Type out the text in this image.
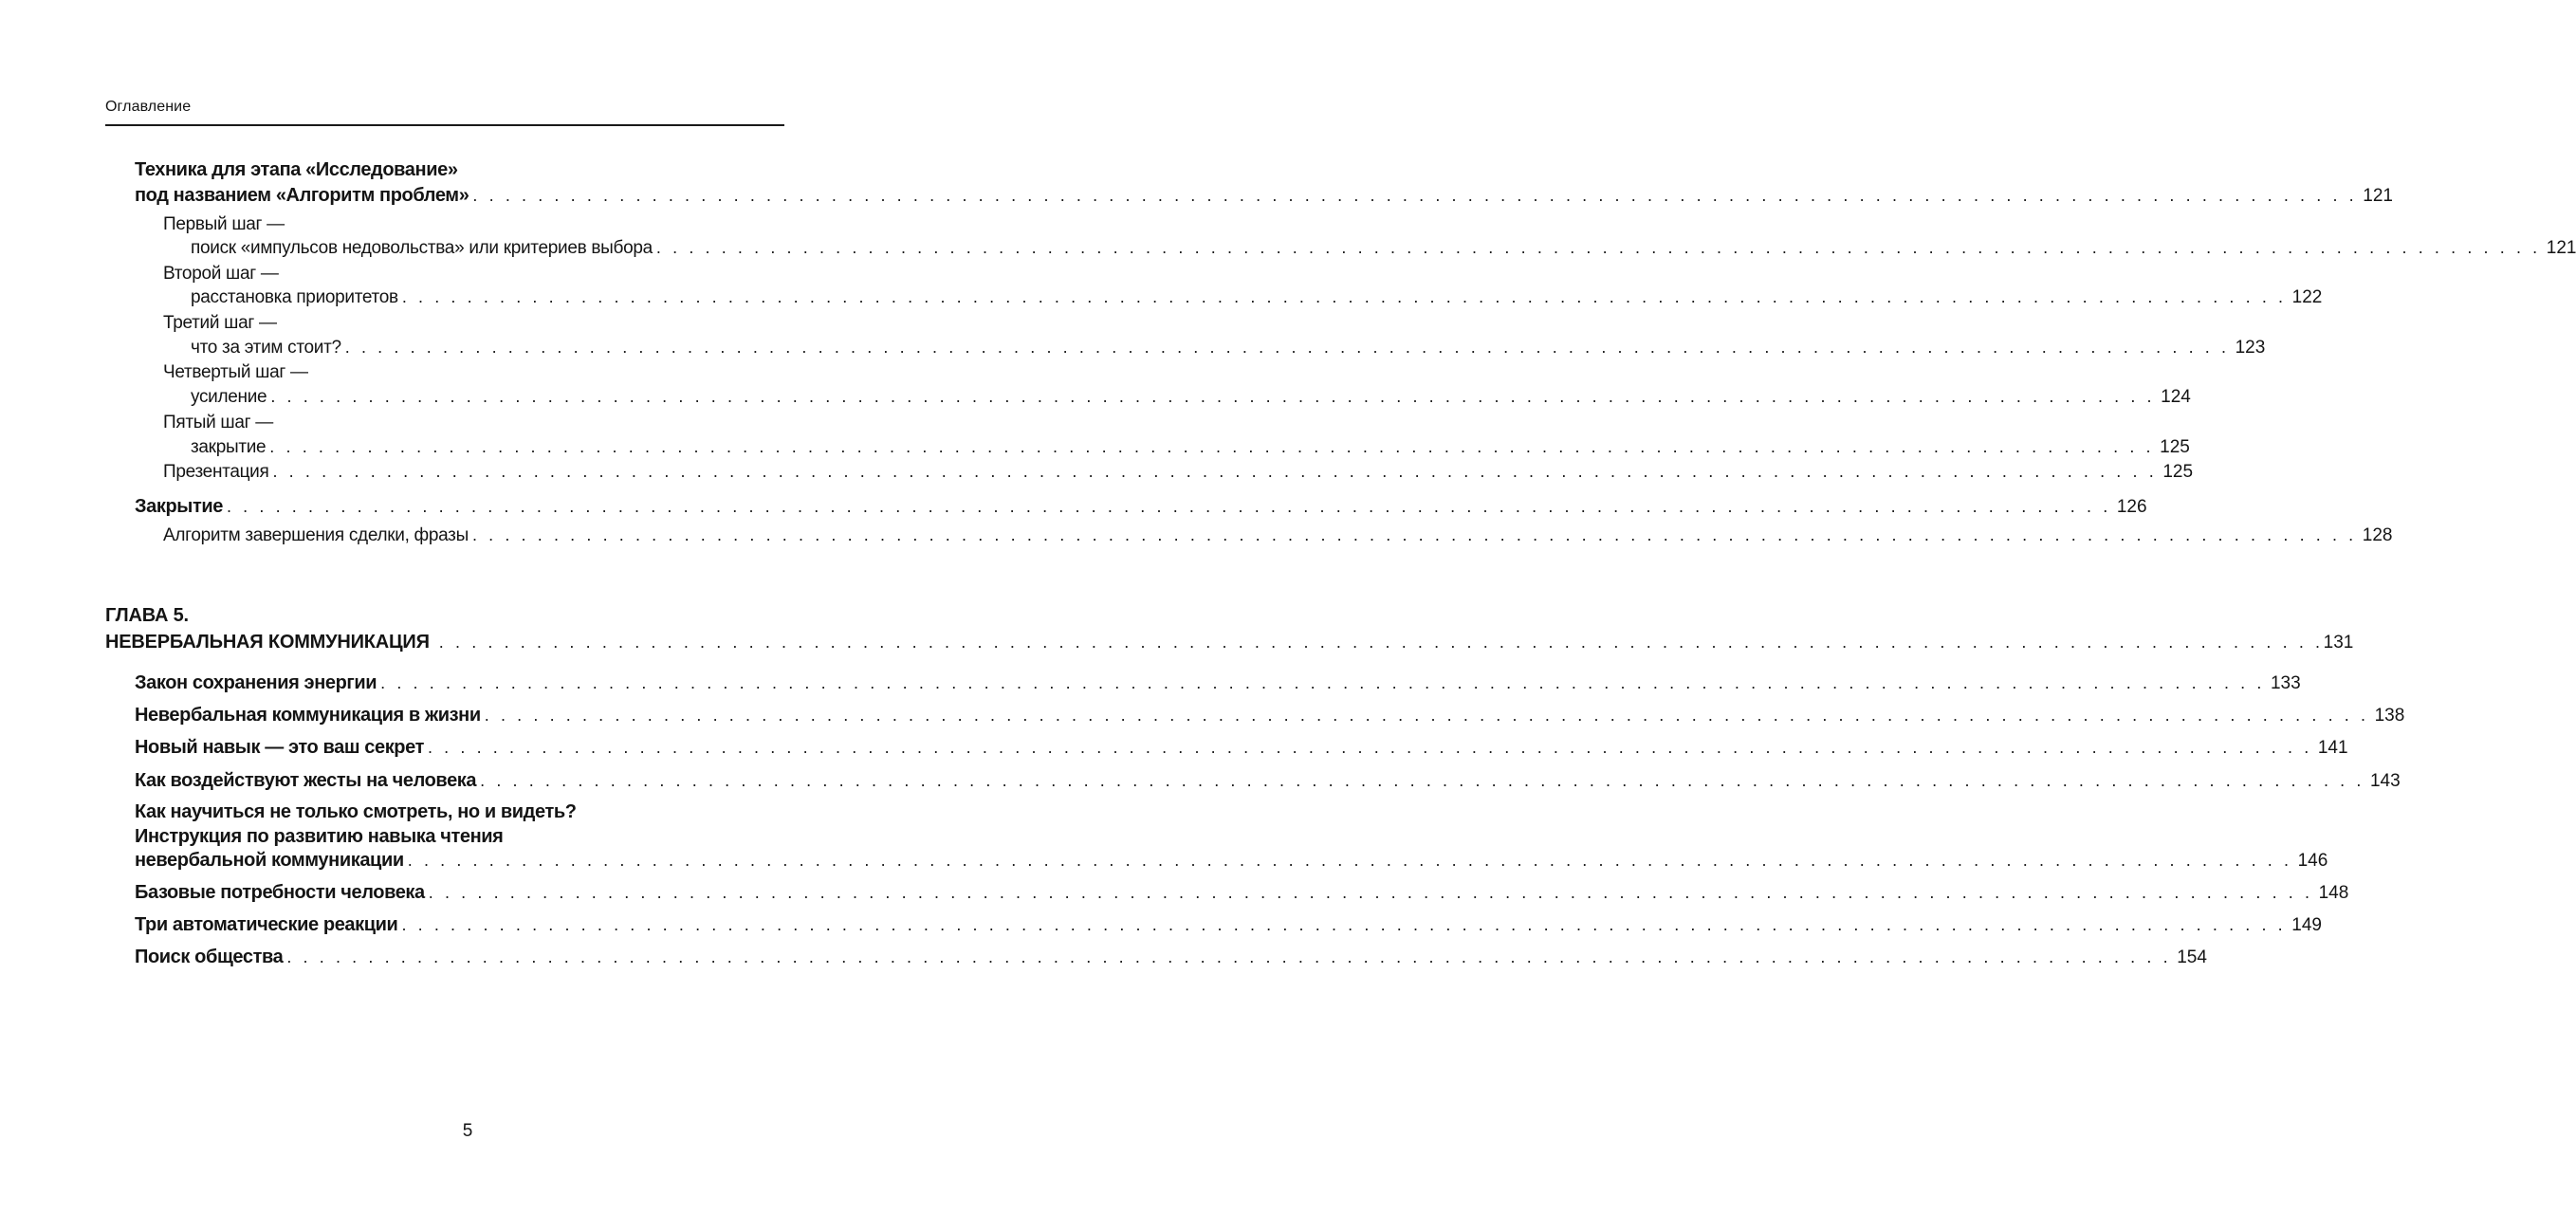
Оглавление
Техника для этапа «Исследование»
под названием «Алгоритм проблем» . . . . . . . . . . . . . . . . . . . . . . . . . . . . . . . . . . . . . . . . . . . . . . . . . . . . . . . . . . . . . . . . . . . . . . . . . . . . . . . . . . . . . . . . . . . . . . . . . . . . . . . . . . . . . . . . . . . . 121
Первый шаг —
поиск «импульсов недовольства» или критериев выбора . . . . . . . . . . . . . . . . . . . . . . . . . . . . . . . . . . . . . . . . . . . . . . . . . . . . . . . . . . . . . . . . . . . . . . . . . . . . . . . . . . . . . . . . . . . . . . . . . . . . . . . . . . . . . . . . . . . . 121
Второй шаг —
расстановка приоритетов . . . . . . . . . . . . . . . . . . . . . . . . . . . . . . . . . . . . . . . . . . . . . . . . . . . . . . . . . . . . . . . . . . . . . . . . . . . . . . . . . . . . . . . . . . . . . . . . . . . . . . . . . . . . . . . . . . . . 122
Третий шаг —
что за этим стоит? . . . . . . . . . . . . . . . . . . . . . . . . . . . . . . . . . . . . . . . . . . . . . . . . . . . . . . . . . . . . . . . . . . . . . . . . . . . . . . . . . . . . . . . . . . . . . . . . . . . . . . . . . . . . . . . . . . . . 123
Четвертый шаг —
усиление . . . . . . . . . . . . . . . . . . . . . . . . . . . . . . . . . . . . . . . . . . . . . . . . . . . . . . . . . . . . . . . . . . . . . . . . . . . . . . . . . . . . . . . . . . . . . . . . . . . . . . . . . . . . . . . . . . . . 124
Пятый шаг —
закрытие . . . . . . . . . . . . . . . . . . . . . . . . . . . . . . . . . . . . . . . . . . . . . . . . . . . . . . . . . . . . . . . . . . . . . . . . . . . . . . . . . . . . . . . . . . . . . . . . . . . . . . . . . . . . . . . . . . . . 125
Презентация . . . . . . . . . . . . . . . . . . . . . . . . . . . . . . . . . . . . . . . . . . . . . . . . . . . . . . . . . . . . . . . . . . . . . . . . . . . . . . . . . . . . . . . . . . . . . . . . . . . . . . . . . . . . . . . . . . . . 125
Закрытие . . . . . . . . . . . . . . . . . . . . . . . . . . . . . . . . . . . . . . . . . . . . . . . . . . . . . . . . . . . . . . . . . . . . . . . . . . . . . . . . . . . . . . . . . . . . . . . . . . . . . . . . . . . . . . . . . . . . 126
Алгоритм завершения сделки, фразы . . . . . . . . . . . . . . . . . . . . . . . . . . . . . . . . . . . . . . . . . . . . . . . . . . . . . . . . . . . . . . . . . . . . . . . . . . . . . . . . . . . . . . . . . . . . . . . . . . . . . . . . . . . . . . . . . . . . 128
ГЛАВА 5.
НЕВЕРБАЛЬНАЯ КОММУНИКАЦИЯ . . . . . . . . . . . . . . . . . . . . . . . . . . . . . . . . . . . . . . . . . . . . . . . . . . . . . . . . . . . . . . . . . . . . . . . . . . . . . . . . . . . . . . . . . . . . . . . . . . . . . . . . . . . . . . . . . . . . 131
Закон сохранения энергии . . . . . . . . . . . . . . . . . . . . . . . . . . . . . . . . . . . . . . . . . . . . . . . . . . . . . . . . . . . . . . . . . . . . . . . . . . . . . . . . . . . . . . . . . . . . . . . . . . . . . . . . . . . . . . . . . . . . 133
Невербальная коммуникация в жизни . . . . . . . . . . . . . . . . . . . . . . . . . . . . . . . . . . . . . . . . . . . . . . . . . . . . . . . . . . . . . . . . . . . . . . . . . . . . . . . . . . . . . . . . . . . . . . . . . . . . . . . . . . . . . . . . . . . . 138
Новый навык — это ваш секрет . . . . . . . . . . . . . . . . . . . . . . . . . . . . . . . . . . . . . . . . . . . . . . . . . . . . . . . . . . . . . . . . . . . . . . . . . . . . . . . . . . . . . . . . . . . . . . . . . . . . . . . . . . . . . . . . . . . . 141
Как воздействуют жесты на человека . . . . . . . . . . . . . . . . . . . . . . . . . . . . . . . . . . . . . . . . . . . . . . . . . . . . . . . . . . . . . . . . . . . . . . . . . . . . . . . . . . . . . . . . . . . . . . . . . . . . . . . . . . . . . . . . . . . . 143
Как научиться не только смотреть, но и видеть?
Инструкция по развитию навыка чтения
невербальной коммуникации . . . . . . . . . . . . . . . . . . . . . . . . . . . . . . . . . . . . . . . . . . . . . . . . . . . . . . . . . . . . . . . . . . . . . . . . . . . . . . . . . . . . . . . . . . . . . . . . . . . . . . . . . . . . . . . . . . . . 146
Базовые потребности человека . . . . . . . . . . . . . . . . . . . . . . . . . . . . . . . . . . . . . . . . . . . . . . . . . . . . . . . . . . . . . . . . . . . . . . . . . . . . . . . . . . . . . . . . . . . . . . . . . . . . . . . . . . . . . . . . . . . . 148
Три автоматические реакции . . . . . . . . . . . . . . . . . . . . . . . . . . . . . . . . . . . . . . . . . . . . . . . . . . . . . . . . . . . . . . . . . . . . . . . . . . . . . . . . . . . . . . . . . . . . . . . . . . . . . . . . . . . . . . . . . . . . 149
Поиск общества . . . . . . . . . . . . . . . . . . . . . . . . . . . . . . . . . . . . . . . . . . . . . . . . . . . . . . . . . . . . . . . . . . . . . . . . . . . . . . . . . . . . . . . . . . . . . . . . . . . . . . . . . . . . . . . . . . . . 154
5
